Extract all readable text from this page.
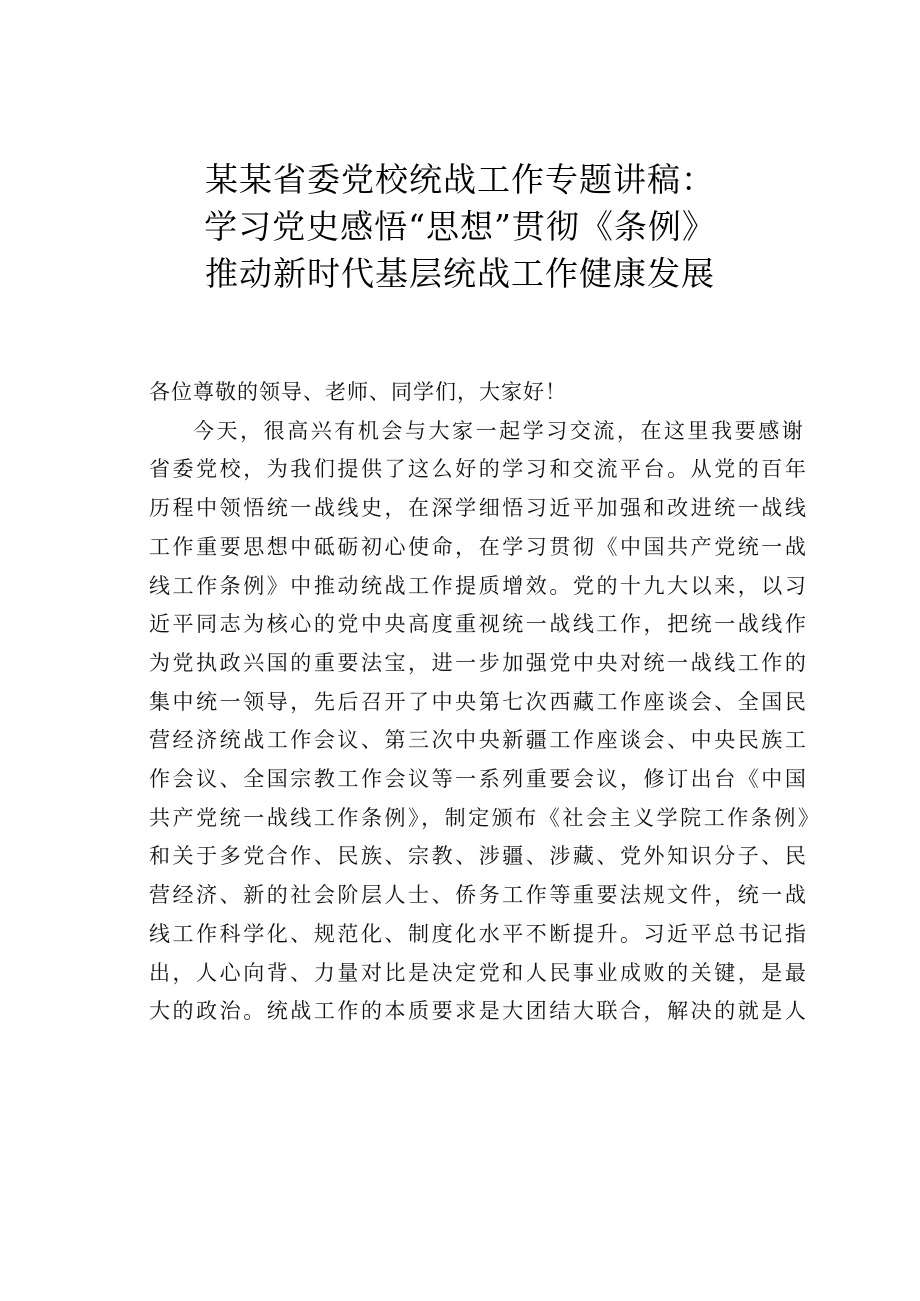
某某省委党校统战工作专题讲稿：
学习党史感悟“思想”贯彻《条例》
推动新时代基层统战工作健康发展
各位尊敬的领导、老师、同学们，大家好！
今天，很高兴有机会与大家一起学习交流，在这里我要感谢
省委党校，为我们提供了这么好的学习和交流平台。从党的百年
历程中领悟统一战线史，在深学细悟习近平加强和改进统一战线
工作重要思想中砥砺初心使命，在学习贯彻《中国共产党统一战
线工作条例》中推动统战工作提质增效。党的十九大以来，以习
近平同志为核心的党中央高度重视统一战线工作，把统一战线作
为党执政兴国的重要法宝，进一步加强党中央对统一战线工作的
集中统一领导，先后召开了中央第七次西藏工作座谈会、全国民
营经济统战工作会议、第三次中央新疆工作座谈会、中央民族工
作会议、全国宗教工作会议等一系列重要会议，修订出台《中国
共产党统一战线工作条例》，制定颁布《社会主义学院工作条例》
和关于多党合作、民族、宗教、涉疆、涉藏、党外知识分子、民
营经济、新的社会阶层人士、侨务工作等重要法规文件，统一战
线工作科学化、规范化、制度化水平不断提升。习近平总书记指
出，人心向背、力量对比是决定党和人民事业成败的关键，是最
大的政治。统战工作的本质要求是大团结大联合，解决的就是人
